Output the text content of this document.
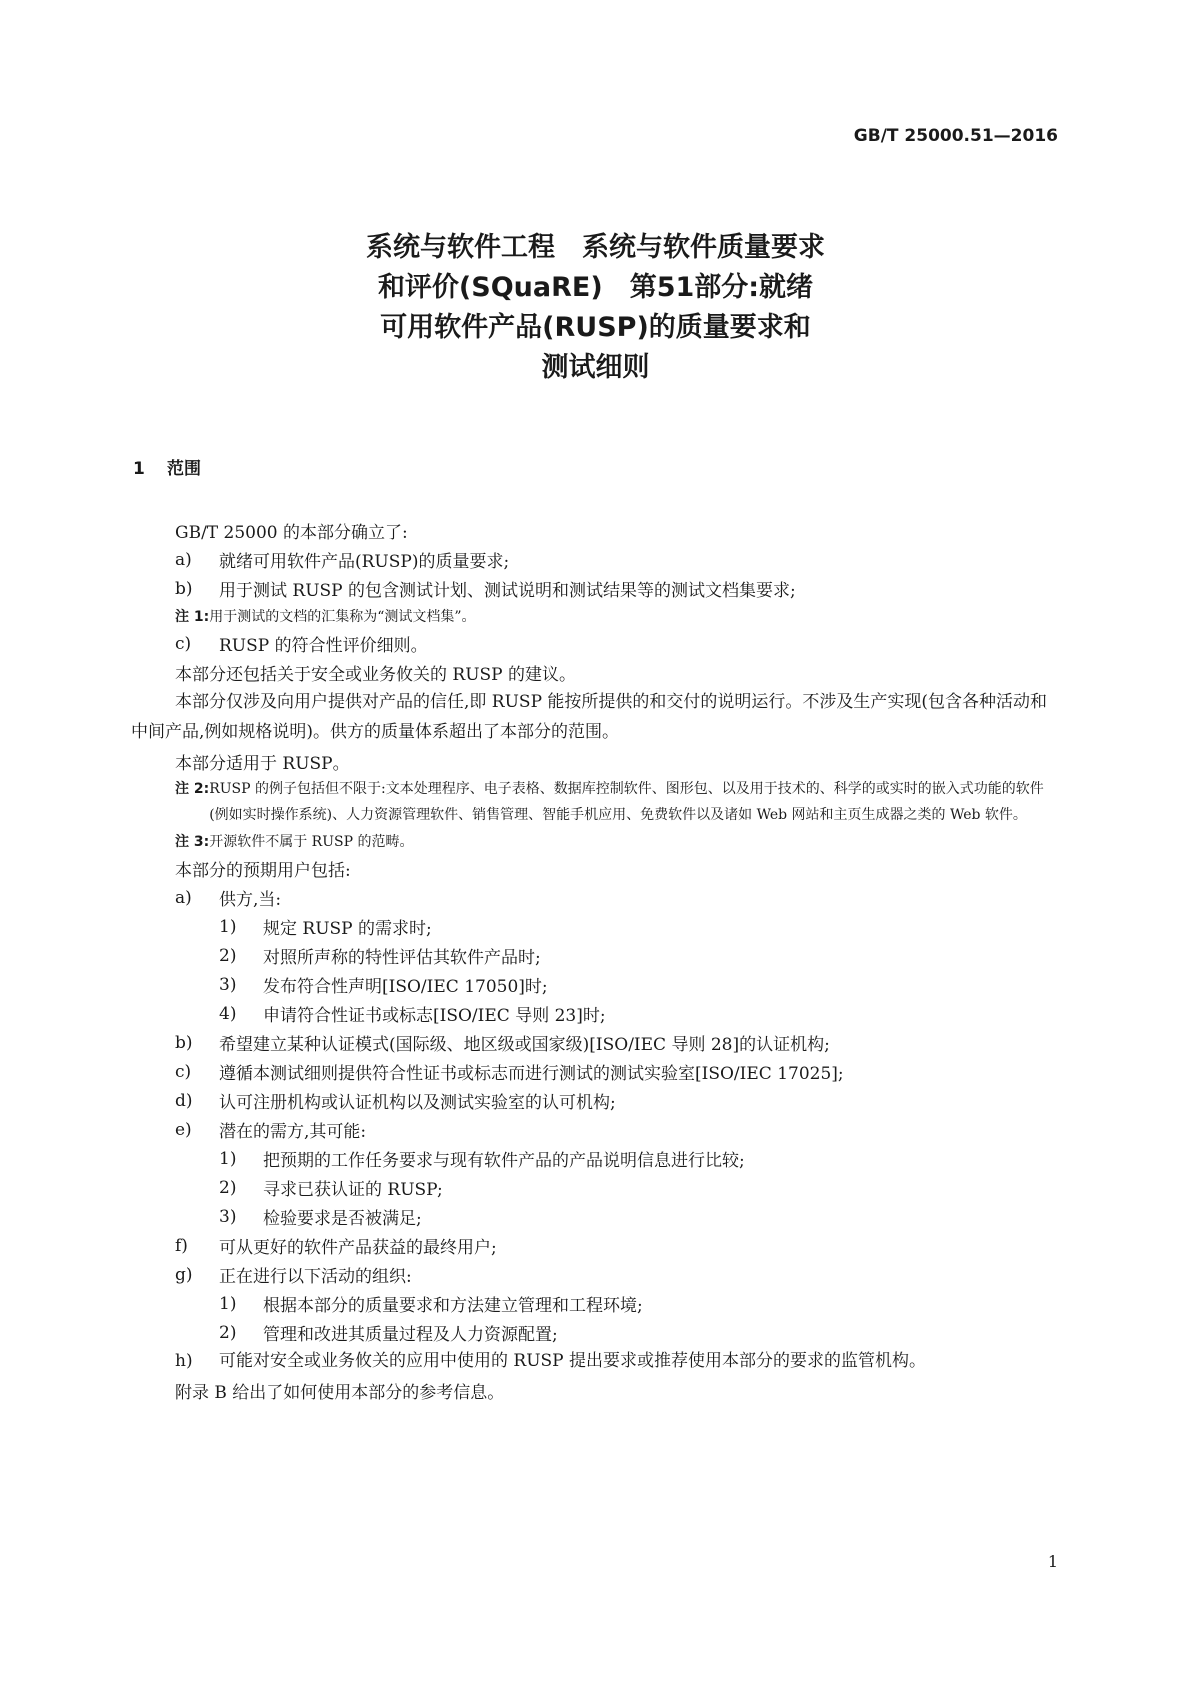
GB/T 25000.51—2016
系统与软件工程　系统与软件质量要求
和评价(SQuaRE)　第51部分:就绪
可用软件产品(RUSP)的质量要求和
测试细则
1 范围
GB/T 25000 的本部分确立了:
a)	就绪可用软件产品(RUSP)的质量要求;
b)	用于测试 RUSP 的包含测试计划、测试说明和测试结果等的测试文档集要求;
注 1: 用于测试的文档的汇集称为“测试文档集”。
c)	RUSP 的符合性评价细则。
本部分还包括关于安全或业务攸关的 RUSP 的建议。
本部分仅涉及向用户提供对产品的信任,即 RUSP 能按所提供的和交付的说明运行。不涉及生产实现(包含各种活动和中间产品,例如规格说明)。供方的质量体系超出了本部分的范围。
本部分适用于 RUSP。
注 2: RUSP 的例子包括但不限于:文本处理程序、电子表格、数据库控制软件、图形包、以及用于技术的、科学的或实时的嵌入式功能的软件(例如实时操作系统)、人力资源管理软件、销售管理、智能手机应用、免费软件以及诸如 Web 网站和主页生成器之类的 Web 软件。
注 3: 开源软件不属于 RUSP 的范畴。
本部分的预期用户包括:
a)	供方,当:
1)	规定 RUSP 的需求时;
2)	对照所声称的特性评估其软件产品时;
3)	发布符合性声明[ISO/IEC 17050]时;
4)	申请符合性证书或标志[ISO/IEC 导则 23]时;
b)	希望建立某种认证模式(国际级、地区级或国家级)[ISO/IEC 导则 28]的认证机构;
c)	遵循本测试细则提供符合性证书或标志而进行测试的测试实验室[ISO/IEC 17025];
d)	认可注册机构或认证机构以及测试实验室的认可机构;
e)	潜在的需方,其可能:
1)	把预期的工作任务要求与现有软件产品的产品说明信息进行比较;
2)	寻求已获认证的 RUSP;
3)	检验要求是否被满足;
f)	可从更好的软件产品获益的最终用户;
g)	正在进行以下活动的组织:
1)	根据本部分的质量要求和方法建立管理和工程环境;
2)	管理和改进其质量过程及人力资源配置;
h)	可能对安全或业务攸关的应用中使用的 RUSP 提出要求或推荐使用本部分的要求的监管机构。
附录 B 给出了如何使用本部分的参考信息。
1
